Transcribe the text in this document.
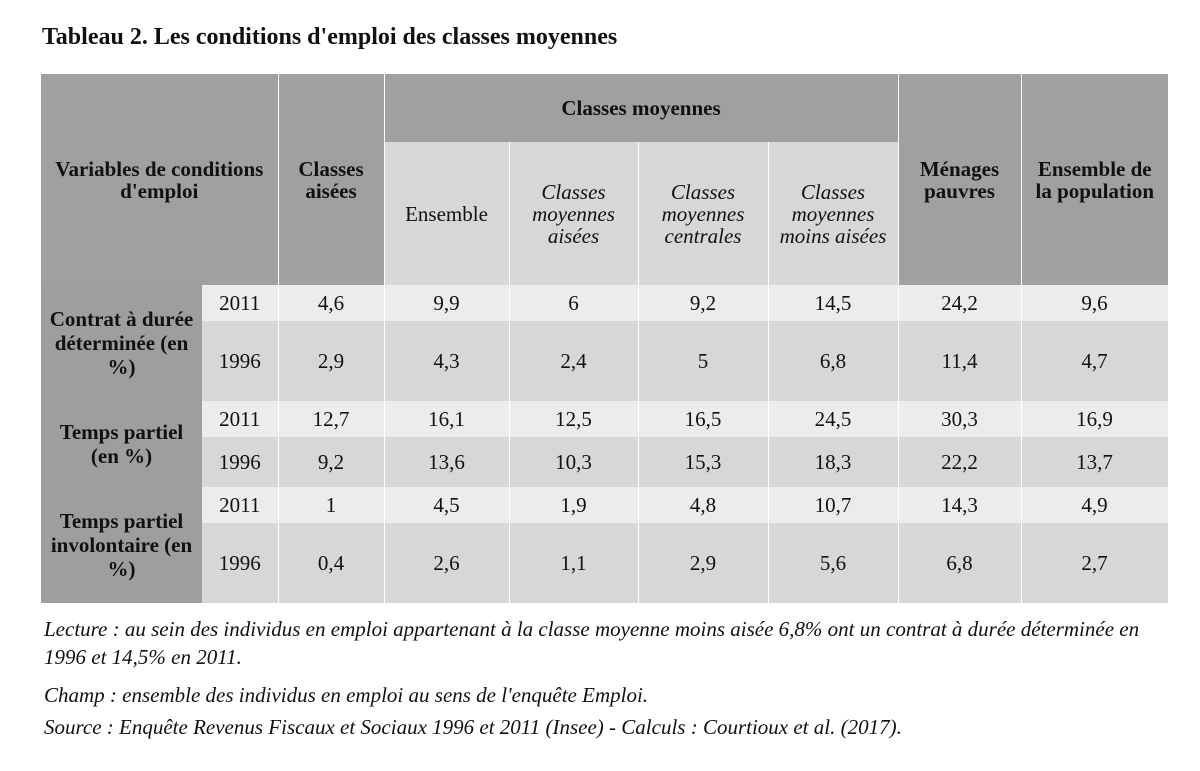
Tableau 2. Les conditions d'emploi des classes moyennes
Variables de conditions d'emploi		Classes aisées	Classes moyennes				Ménages pauvres	Ensemble de la population
			Ensemble	Classes moyennes aisées	Classes moyennes centrales	Classes moyennes moins aisées		
Contrat à durée déterminée (en %)	2011	4,6	9,9	6	9,2	14,5	24,2	9,6
	1996	2,9	4,3	2,4	5	6,8	11,4	4,7
Temps partiel (en %)	2011	12,7	16,1	12,5	16,5	24,5	30,3	16,9
	1996	9,2	13,6	10,3	15,3	18,3	22,2	13,7
Temps partiel involontaire (en %)	2011	1	4,5	1,9	4,8	10,7	14,3	4,9
	1996	0,4	2,6	1,1	2,9	5,6	6,8	2,7

Lecture : au sein des individus en emploi appartenant à la classe moyenne moins aisée 6,8% ont un contrat à durée déterminée en 1996 et 14,5% en 2011.

Champ : ensemble des individus en emploi au sens de l'enquête Emploi.

Source : Enquête Revenus Fiscaux et Sociaux 1996 et 2011 (Insee) - Calculs : Courtioux et al. (2017).
